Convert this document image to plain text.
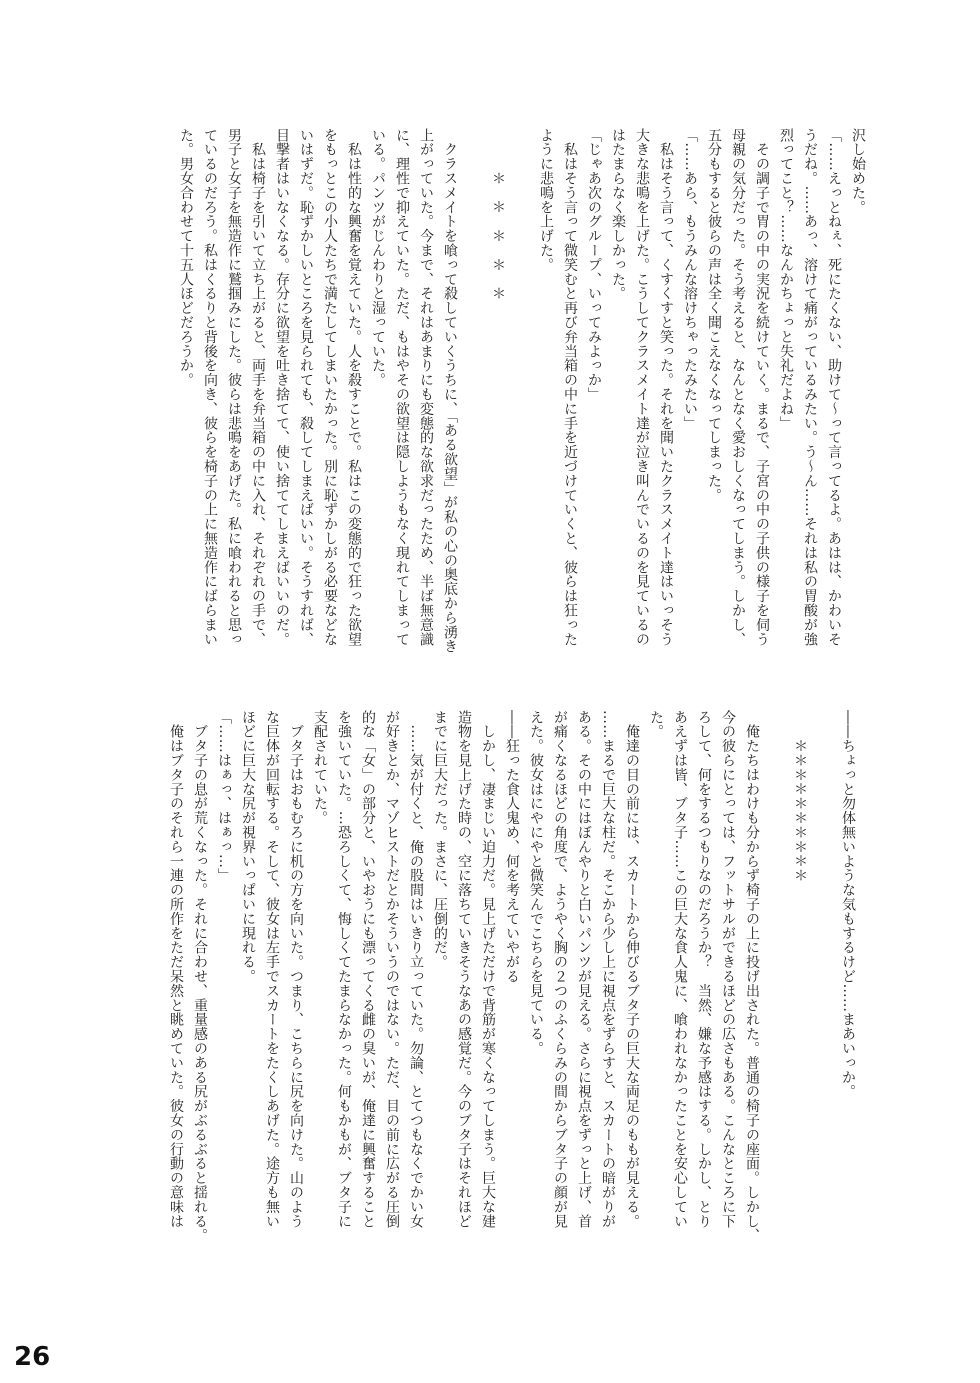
沢し始めた。
「……えっとねぇ、死にたくない、助けて〜って言ってるよ。あはは、かわいそ
うだね。……あっ、溶けて痛がっているみたい。う〜ん……それは私の胃酸が強
烈ってこと？……なんかちょっと失礼だよね」
　その調子で胃の中の実況を続けていく。まるで、子宮の中の子供の様子を伺う
母親の気分だった。そう考えると、なんとなく愛おしくなってしまう。しかし、
五分もすると彼らの声は全く聞こえなくなってしまった。
「……あら、もうみんな溶けちゃったみたい」
　私はそう言って、くすくすと笑った。それを聞いたクラスメイト達はいっそう
大きな悲鳴を上げた。こうしてクラスメイト達が泣き叫んでいるのを見ているの
はたまらなく楽しかった。
「じゃあ次のグループ、いってみよっか」
　私はそう言って微笑むと再び弁当箱の中に手を近づけていくと、彼らは狂った
ように悲鳴を上げた。
　　　＊　＊　＊　＊　＊
　クラスメイトを喰って殺していくうちに、「ある欲望」が私の心の奥底から湧き
上がっていた。今まで、それはあまりにも変態的な欲求だったため、半ば無意識
に、理性で抑えていた。ただ、もはやその欲望は隠しようもなく現れてしまって
いる。パンツがじんわりと湿っていた。
　私は性的な興奮を覚えていた。人を殺すことで。私はこの変態的で狂った欲望
をもっとこの小人たちで満たしてしまいたかった。別に恥ずかしがる必要などな
いはずだ。恥ずかしいところを見られても、殺してしまえばいい。そうすれば、
目撃者はいなくなる。存分に欲望を吐き捨てて、使い捨ててしまえばいいのだ。
　私は椅子を引いて立ち上がると、両手を弁当箱の中に入れ、それぞれの手で、
男子と女子を無造作に鷲掴みにした。彼らは悲鳴をあげた。私に喰われると思っ
ているのだろう。私はくるりと背後を向き、彼らを椅子の上に無造作にばらまい
た。男女合わせて十五人ほどだろうか。
――ちょっと勿体無いような気もするけど……まあいっか。
　　＊＊＊＊＊＊＊＊＊＊
　俺たちはわけも分からず椅子の上に投げ出された。普通の椅子の座面。しかし、
今の彼らにとっては、フットサルができるほどの広さもある。こんなところに下
ろして、何をするつもりなのだろうか？　当然、嫌な予感はする。しかし、とり
あえずは皆、ブタ子……この巨大な食人鬼に、喰われなかったことを安心してい
た。
　俺達の目の前には、スカートから伸びるブタ子の巨大な両足のももが見える。
……まるで巨大な柱だ。そこから少し上に視点をずらすと、スカートの暗がりが
ある。その中にはぼんやりと白いパンツが見える。さらに視点をずっと上げ、首
が痛くなるほどの角度で、ようやく胸の２つのふくらみの間からブタ子の顔が見
えた。彼女はにやにやと微笑んでこちらを見ている。
――狂った食人鬼め、何を考えていやがる
　しかし、凄まじい迫力だ。見上げただけで背筋が寒くなってしまう。巨大な建
造物を見上げた時の、空に落ちていきそうなあの感覚だ。今のブタ子はそれほど
までに巨大だった。まさに、圧倒的だ。
　……気が付くと、俺の股間はいきり立っていた。勿論、とてつもなくでかい女
が好きとか、マゾヒストだとかそういうのではない。ただ、目の前に広がる圧倒
的な「女」の部分と、いやおうにも漂ってくる雌の臭いが、俺達に興奮すること
を強いていた。…恐ろしくて、悔しくてたまらなかった。何もかもが、ブタ子に
支配されていた。
　ブタ子はおもむろに机の方を向いた。つまり、こちらに尻を向けた。山のよう
な巨体が回転する。そして、彼女は左手でスカートをたくしあげた。途方も無い
ほどに巨大な尻が視界いっぱいに現れる。
「……はぁっ、はぁっ…」
　ブタ子の息が荒くなった。それに合わせ、重量感のある尻がぶるぶると揺れる。
　俺はブタ子のそれら一連の所作をただ呆然と眺めていた。彼女の行動の意味は
26
